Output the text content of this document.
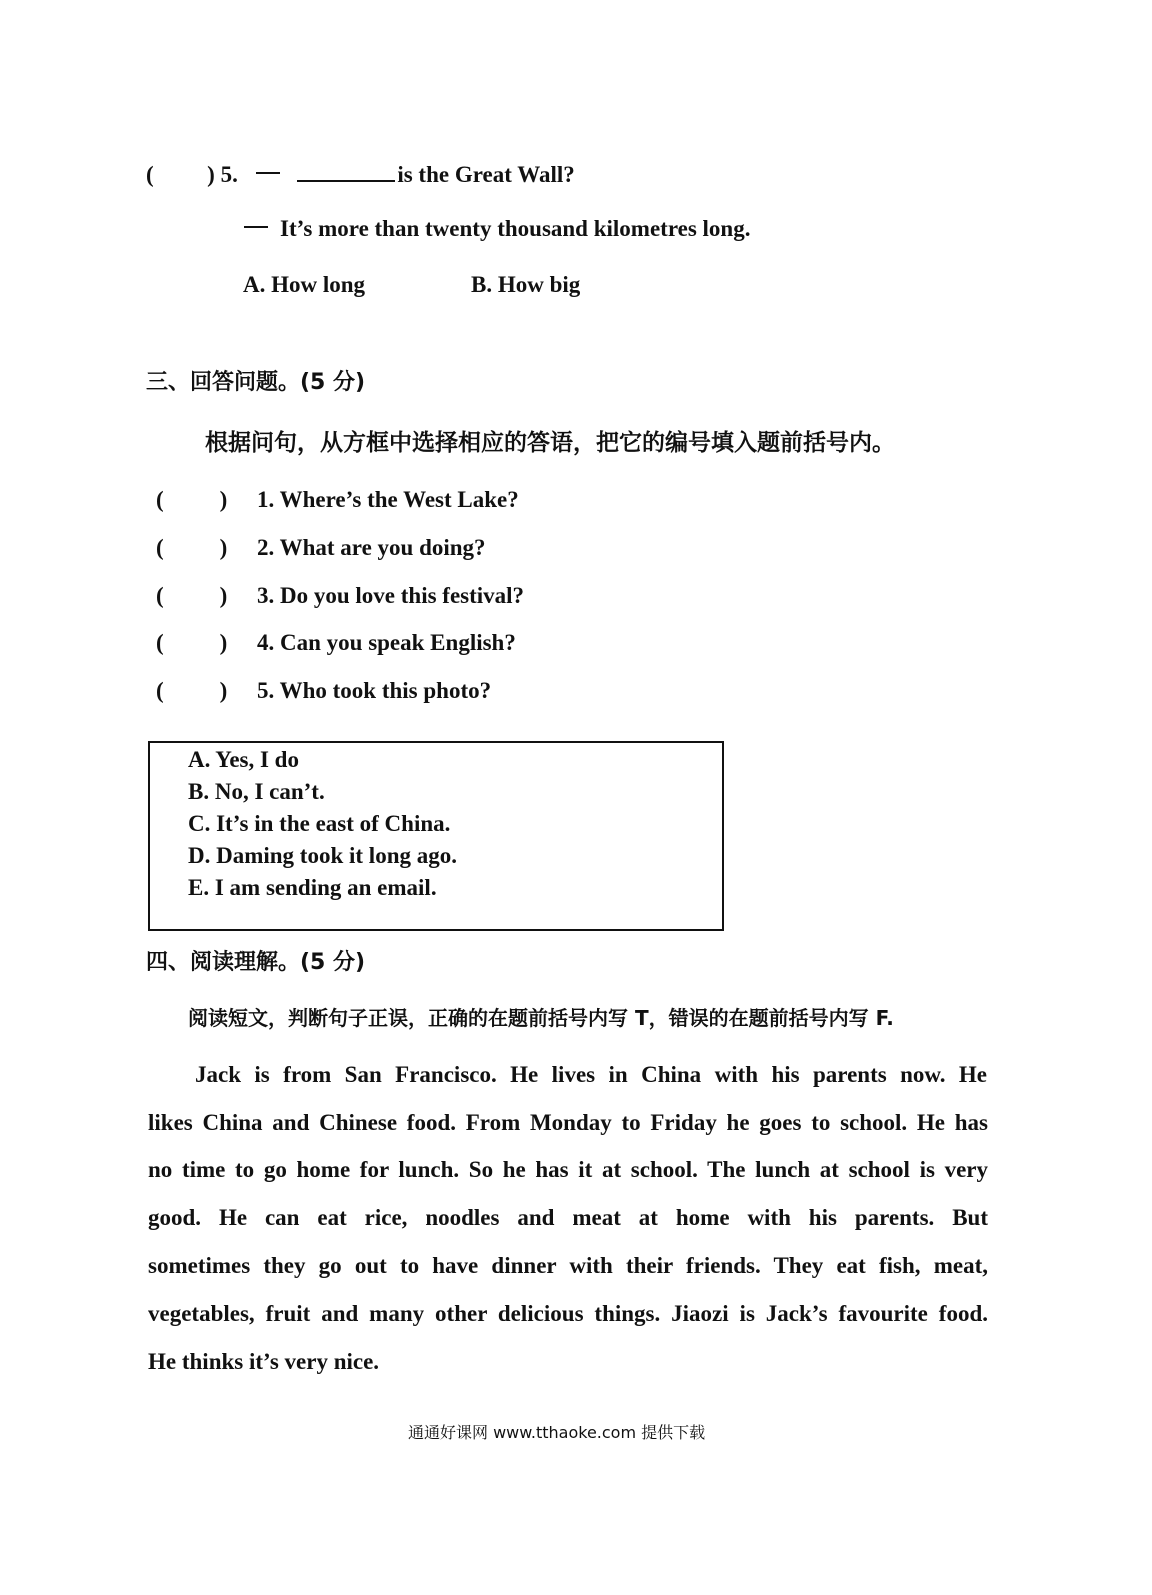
( ) 5.	is the Great Wall?
It’s more than twenty thousand kilometres long.
A. How long	B. How big
三、回答问题。(5 分)
根据问句，从方框中选择相应的答语，把它的编号填入题前括号内。
( ) 1. Where’s the West Lake?
( ) 2. What are you doing?
( ) 3. Do you love this festival?
( ) 4. Can you speak English?
( ) 5. Who took this photo?
A. Yes, I do
B. No, I can’t.
C. It’s in the east of China.
D. Daming took it long ago.
E. I am sending an email.
四、阅读理解。(5 分)
阅读短文，判断句子正误，正确的在题前括号内写 T，错误的在题前括号内写 F.

Jack is from San Francisco. He lives in China with his parents now. He

likes China and Chinese food. From Monday to Friday he goes to school. He has

no time to go home for lunch. So he has it at school. The lunch at school is very

good. He can eat rice, noodles and meat at home with his parents. But

sometimes they go out to have dinner with their friends. They eat fish, meat,

vegetables, fruit and many other delicious things. Jiaozi is Jack’s favourite food.

He thinks it’s very nice.

通通好课网 www.tthaoke.com 提供下载
